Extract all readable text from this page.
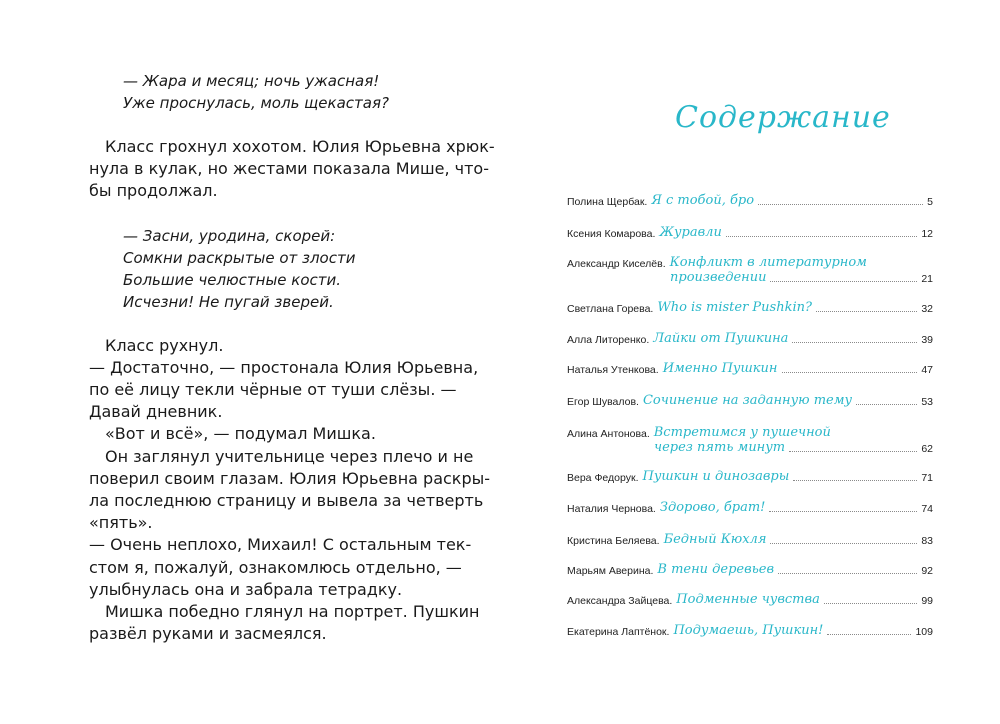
— Жара и месяц; ночь ужасная!
Уже проснулась, моль щекастая?
Класс грохнул хохотом. Юлия Юрьевна хрюк-
нула в кулак, но жестами показала Мише, что-
бы продолжал.
— Засни, уродина, скорей:
Сомкни раскрытые от злости
Большие челюстные кости.
Исчезни! Не пугай зверей.
Класс рухнул.
— Достаточно, — простонала Юлия Юрьевна,
по её лицу текли чёрные от туши слёзы. —
Давай дневник.
«Вот и всё», — подумал Мишка.
Он заглянул учительнице через плечо и не
поверил своим глазам. Юлия Юрьевна раскры-
ла последнюю страницу и вывела за четверть
«пять».
— Очень неплохо, Михаил! С остальным тек-
стом я, пожалуй, ознакомлюсь отдельно, —
улыбнулась она и забрала тетрадку.
Мишка победно глянул на портрет. Пушкин
развёл руками и засмеялся.
Содержание
Полина Щербак. Я с тобой, бро	5
Ксения Комарова. Журавли	12
Александр Киселёв. Конфликт в литературном
произведении	21
Светлана Горева. Who is mister Pushkin?	32
Алла Литоренко. Лайки от Пушкина	39
Наталья Утенкова. Именно Пушкин	47
Егор Шувалов. Сочинение на заданную тему	53
Алина Антонова. Встретимся у пушечной
через пять минут	62
Вера Федорук. Пушкин и динозавры	71
Наталия Чернова. Здорово, брат!	74
Кристина Беляева. Бедный Кюхля	83
Марьям Аверина. В тени деревьев	92
Александра Зайцева. Подменные чувства	99
Екатерина Лаптёнок. Подумаешь, Пушкин!	109
